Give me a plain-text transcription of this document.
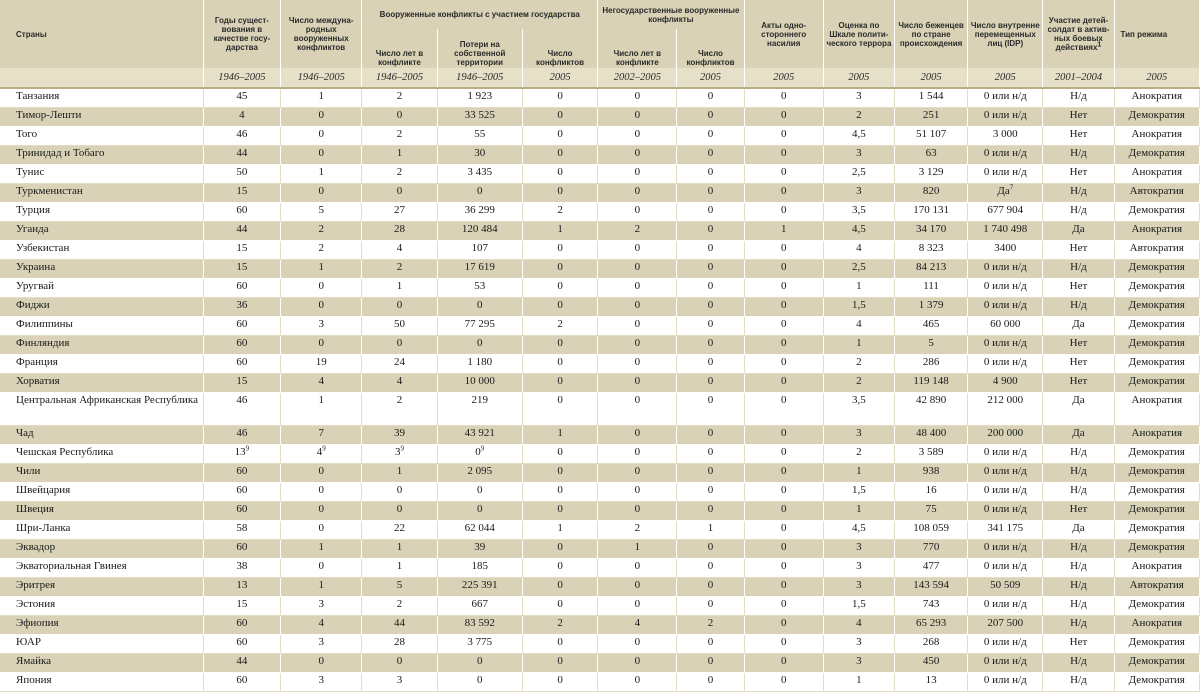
Страны	Годы существования в качестве государства	Число международных вооруженных конфликтов	Вооруженные конфликты с участием государства			Негосударственные вооруженные конфликты		Акты одностороннего насилия	Оценка по Шкале политического террора	Число беженцев по стране происхождения	Число внутренне перемещенных лиц (IDP)	Участие детей-солдат в активных боевых действиях$^1$	Тип режима
			Число лет в конфликте	Потери на собственной территории	Число конфликтов	Число лет в конфликте	Число конфликтов						
	1946–2005	1946–2005	1946–2005	1946–2005	2005	2002–2005	2005	2005	2005	2005	2005	2001–2004	2005
Танзания	45	1	2	1 923	0	0	0	0	3	1 544	0 или н/д	Н/д	Анократия
Тимор-Лешти	4	0	0	33 525	0	0	0	0	2	251	0 или н/д	Нет	Демократия
Того	46	0	2	55	0	0	0	0	4,5	51 107	3 000	Нет	Анократия
Тринидад и Тобаго	44	0	1	30	0	0	0	0	3	63	0 или н/д	Н/д	Демократия
Тунис	50	1	2	3 435	0	0	0	0	2,5	3 129	0 или н/д	Нет	Анократия
Туркменистан	15	0	0	0	0	0	0	0	3	820	$Да^7$	Н/д	Автократия
Турция	60	5	27	36 299	2	0	0	0	3,5	170 131	677 904	Н/д	Демократия
Уганда	44	2	28	120 484	1	2	0	1	4,5	34 170	1 740 498	Да	Анократия
Узбекистан	15	2	4	107	0	0	0	0	4	8 323	3400	Нет	Автократия
Украина	15	1	2	17 619	0	0	0	0	2,5	84 213	0 или н/д	Н/д	Демократия
Уругвай	60	0	1	53	0	0	0	0	1	111	0 или н/д	Нет	Демократия
Фиджи	36	0	0	0	0	0	0	0	1,5	1 379	0 или н/д	Н/д	Демократия
Филиппины	60	3	50	77 295	2	0	0	0	4	465	60 000	Да	Демократия
Финляндия	60	0	0	0	0	0	0	0	1	5	0 или н/д	Нет	Демократия
Франция	60	19	24	1 180	0	0	0	0	2	286	0 или н/д	Нет	Демократия
Хорватия	15	4	4	10 000	0	0	0	0	2	119 148	4 900	Нет	Демократия
Центральная Африканская Республика	46	1	2	219	0	0	0	0	3,5	42 890	212 000	Да	Анократия
Чад	46	7	39	43 921	1	0	0	0	3	48 400	200 000	Да	Анократия
Чешская Республика	$13^9$	$4^9$	$3^9$	$0^9$	0	0	0	0	2	3 589	0 или н/д	Н/д	Демократия
Чили	60	0	1	2 095	0	0	0	0	1	938	0 или н/д	Н/д	Демократия
Швейцария	60	0	0	0	0	0	0	0	1,5	16	0 или н/д	Н/д	Демократия
Швеция	60	0	0	0	0	0	0	0	1	75	0 или н/д	Нет	Демократия
Шри-Ланка	58	0	22	62 044	1	2	1	0	4,5	108 059	341 175	Да	Демократия
Эквадор	60	1	1	39	0	1	0	0	3	770	0 или н/д	Н/д	Демократия
Экваториальная Гвинея	38	0	1	185	0	0	0	0	3	477	0 или н/д	Н/д	Анократия
Эритрея	13	1	5	225 391	0	0	0	0	3	143 594	50 509	Н/д	Автократия
Эстония	15	3	2	667	0	0	0	0	1,5	743	0 или н/д	Н/д	Демократия
Эфиопия	60	4	44	83 592	2	4	2	0	4	65 293	207 500	Н/д	Анократия
ЮАР	60	3	28	3 775	0	0	0	0	3	268	0 или н/д	Нет	Демократия
Ямайка	44	0	0	0	0	0	0	0	3	450	0 или н/д	Н/д	Демократия
Япония	60	3	3	0	0	0	0	0	1	13	0 или н/д	Н/д	Демократия
